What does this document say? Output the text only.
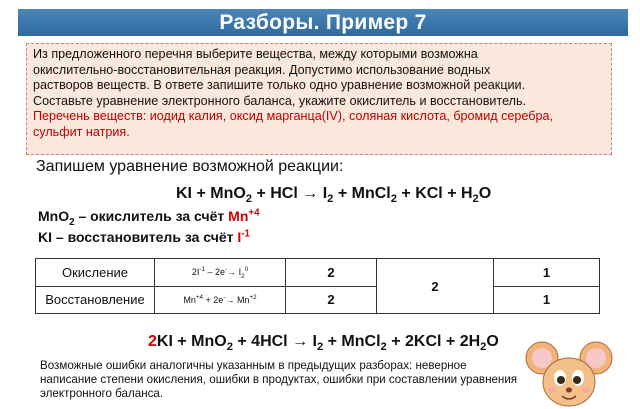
Разборы. Пример 7
Из предложенного перечня выберите вещества, между которыми возможна
окислительно-восстановительная реакция. Допустимо использование водных
растворов веществ. В ответе запишите только одно уравнение возможной реакции.
Составьте уравнение электронного баланса, укажите окислитель и восстановитель.
Перечень веществ: иодид калия, оксид марганца(IV), соляная кислота, бромид серебра,
сульфит натрия.
Запишем уравнение возможной реакции:
KI + MnO$_2$ + HCl → $I_2$ + MnCl$_2$ + KCl + $H_2O$
MnO$_2$ – окислитель за счёт $Mn^{+4}$
KI – восстановитель за счёт $I^{-1}$
Окисление	$2I^{-1} - 2e^-\to I_2^0$	2	2	1
Восстановление	$Mn^{+4} + 2e^-\to Mn^{+2}$	2		1
$2KI + MnO_2 + 4HCl \to I_2$ + MnCl$_2$ + $2KCl + 2H_2O$
Возможные ошибки аналогичны указанным в предыдущих разборах: неверное написание степени окисления, ошибки в продуктах, ошибки при составлении уравнения электронного баланса.
